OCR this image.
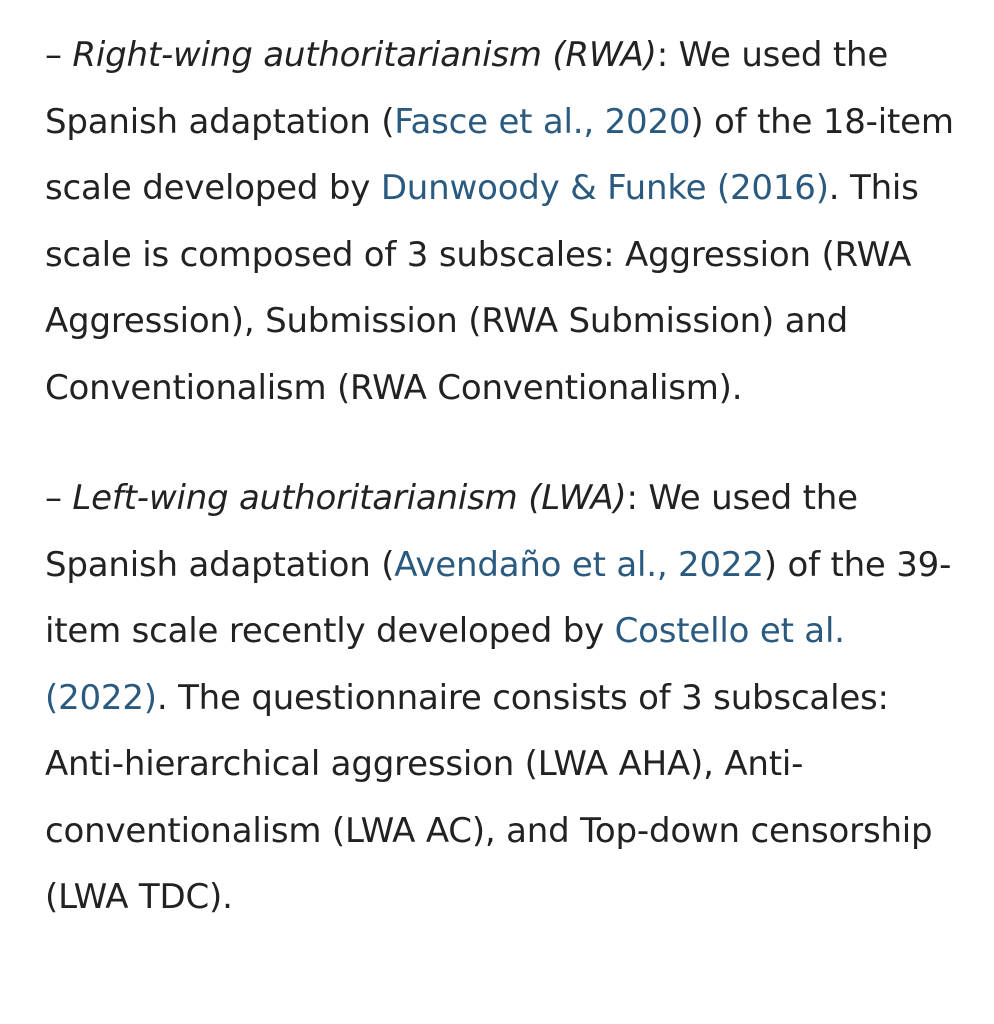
– Right-wing authoritarianism (RWA): We used the Spanish adaptation (Fasce et al., 2020) of the 18-item scale developed by Dunwoody & Funke (2016). This scale is composed of 3 subscales: Aggression (RWA Aggression), Submission (RWA Submission) and Conventionalism (RWA Conventionalism).

– Left-wing authoritarianism (LWA): We used the Spanish adaptation (Avendaño et al., 2022) of the 39-item scale recently developed by Costello et al. (2022). The questionnaire consists of 3 subscales: Anti-hierarchical aggression (LWA AHA), Anti-conventionalism (LWA AC), and Top-down censorship (LWA TDC).
